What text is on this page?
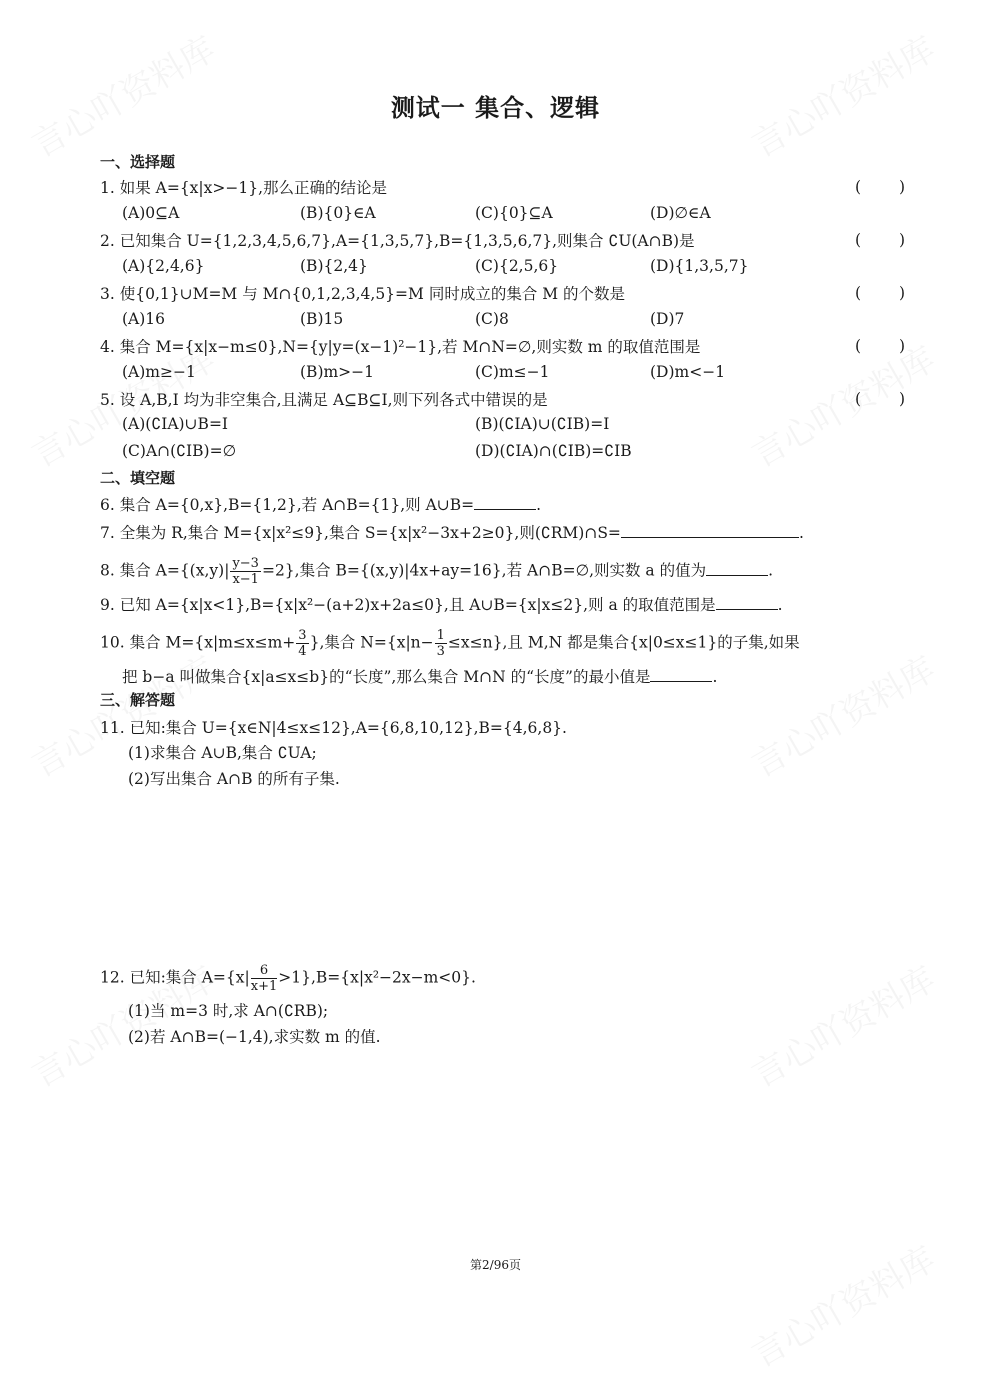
测试一 集合、逻辑
一、选择题
1. 如果 A={x|x>−1},那么正确的结论是	( )
(A)0⊆A	(B){0}∈A	(C){0}⊆A	(D)∅∈A
2. 已知集合 U={1,2,3,4,5,6,7},A={1,3,5,7},B={1,3,5,6,7},则集合 ∁U(A∩B)是	( )
(A){2,4,6}	(B){2,4}	(C){2,5,6}	(D){1,3,5,7}
3. 使{0,1}∪M=M 与 M∩{0,1,2,3,4,5}=M 同时成立的集合 M 的个数是	( )
(A)16	(B)15	(C)8	(D)7
4. 集合 M={x|x−m≤0},N={y|y=(x−1)²−1},若 M∩N=∅,则实数 m 的取值范围是	( )
(A)m≥−1	(B)m>−1	(C)m≤−1	(D)m<−1
5. 设 A,B,I 均为非空集合,且满足 A⊆B⊆I,则下列各式中错误的是	( )
(A)(∁IA)∪B=I	(B)(∁IA)∪(∁IB)=I
(C)A∩(∁IB)=∅	(D)(∁IA)∩(∁IB)=∁IB
二、填空题
6. 集合 A={0,x},B={1,2},若 A∩B={1},则 A∪B=	.
7. 全集为 R,集合 M={x|x²≤9},集合 S={x|x²−3x+2≥0},则(∁RM)∩S=	.
8. 集合 $A=\{(x,y)| \frac{y-3}{x-1} =2\}$,集合 B={(x,y)|4x+ay=16},若 A∩B=∅,则实数 a 的值为	.
9. 已知 A={x|x<1},B={x|x²−(a+2)x+2a≤0},且 A∪B={x|x≤2},则 a 的取值范围是	.
10. 集合 $M=\{x|m\le x\le m+ \frac{3}{4}$ },集合 $N=\{x|n- \frac{1}{3} \le x\le n\}$,且 M,N 都是集合{x|0≤x≤1}的子集,如果
把 b−a 叫做集合{x|a≤x≤b}的“长度”,那么集合 M∩N 的“长度”的最小值是	.
三、解答题
11. 已知:集合 U={x∈N|4≤x≤12},A={6,8,10,12},B={4,6,8}.
(1)求集合 A∪B,集合 ∁UA;
(2)写出集合 A∩B 的所有子集.
12. 已知:集合 $A=\{x| \frac{6}{x+1} >1\},B=\{x|x^2-2x-m<0\}$.
(1)当 m=3 时,求 A∩(∁RB);
(2)若 A∩B=(−1,4),求实数 m 的值.
第2/96页
